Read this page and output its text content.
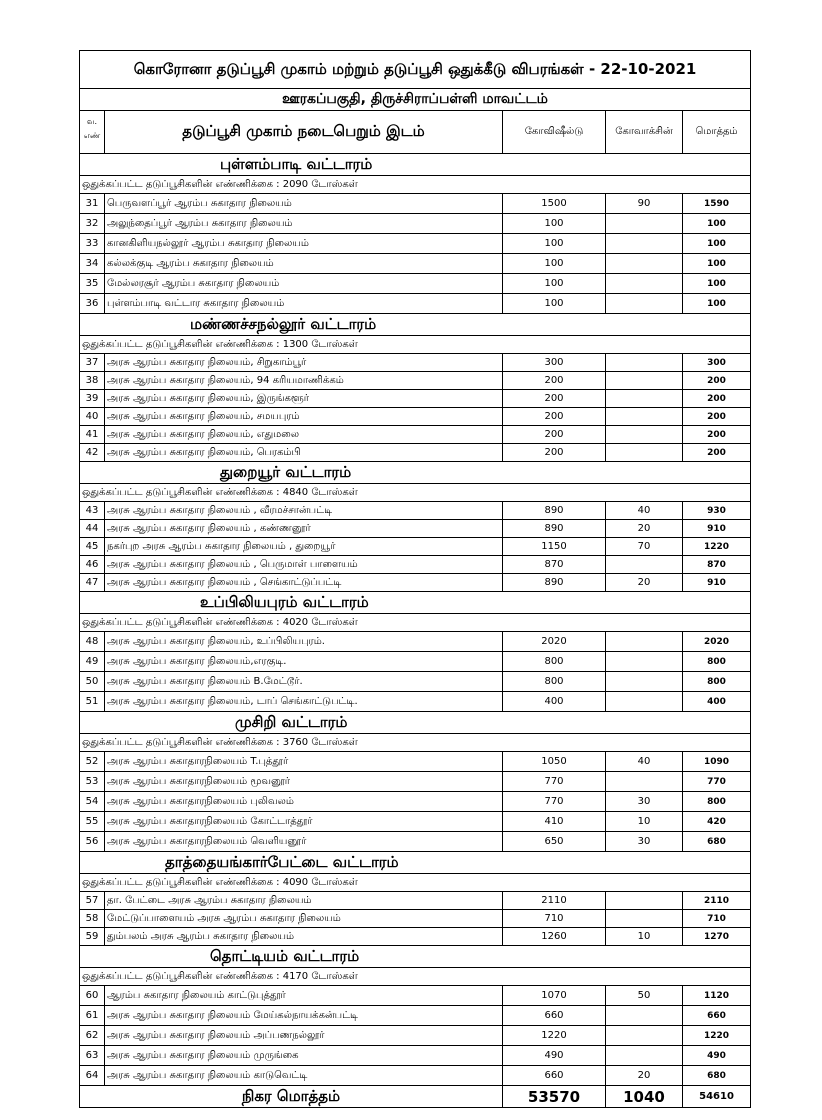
கொரோனா தடுப்பூசி முகாம் மற்றும் தடுப்பூசி ஒதுக்கீடு விபரங்கள் - 22-10-2021				
ஊரகப்பகுதி, திருச்சிராப்பள்ளி மாவட்டம்				
வ.
எண்	தடுப்பூசி முகாம் நடைபெறும் இடம்	கோவிஷீல்டு	கோவாக்சின்	மொத்தம்
புள்ளம்பாடி வட்டாரம்				
ஒதுக்கப்பட்ட தடுப்பூசிகளின் எண்ணிக்கை : 2090 டோஸ்கள்				
31	பெருவளப்பூர் ஆரம்ப சுகாதார நிலையம்	1500	90	1590
32	அலுந்தைப்பூர் ஆரம்ப சுகாதார நிலையம்	100		100
33	கானகிளியநல்லூர் ஆரம்ப சுகாதார நிலையம்	100		100
34	கல்லக்குடி ஆரம்ப சுகாதார நிலையம்	100		100
35	மேல்லரசூர் ஆரம்ப சுகாதார நிலையம்	100		100
36	புள்ளம்பாடி வட்டார சுகாதார நிலையம்	100		100
மண்ணச்சநல்லூர் வட்டாரம்				
ஒதுக்கப்பட்ட தடுப்பூசிகளின் எண்ணிக்கை : 1300 டோஸ்கள்				
37	அரசு ஆரம்ப சுகாதார நிலையம், சிறுகாம்பூர்	300		300
38	அரசு ஆரம்ப சுகாதார நிலையம், 94 கரியமாணிக்கம்	200		200
39	அரசு ஆரம்ப சுகாதார நிலையம், இருங்களூர்	200		200
40	அரசு ஆரம்ப சுகாதார நிலையம், சமயபுரம்	200		200
41	அரசு ஆரம்ப சுகாதார நிலையம், எதுமலை	200		200
42	அரசு ஆரம்ப சுகாதார நிலையம், பெரகம்பி	200		200
துறையூர் வட்டாரம்				
ஒதுக்கப்பட்ட தடுப்பூசிகளின் எண்ணிக்கை : 4840 டோஸ்கள்				
43	அரசு ஆரம்ப சுகாதார நிலையம் , வீரமச்சான்பட்டி	890	40	930
44	அரசு ஆரம்ப சுகாதார நிலையம் , கண்ணனூர்	890	20	910
45	நகர்புற அரசு ஆரம்ப சுகாதார நிலையம் , துறையூர்	1150	70	1220
46	அரசு ஆரம்ப சுகாதார நிலையம் , பெருமாள் பாளையம்	870		870
47	அரசு ஆரம்ப சுகாதார நிலையம் , செங்காட்டுப்பட்டி	890	20	910
உப்பிலியபுரம் வட்டாரம்				
ஒதுக்கப்பட்ட தடுப்பூசிகளின் எண்ணிக்கை : 4020 டோஸ்கள்				
48	அரசு ஆரம்ப சுகாதார நிலையம், உப்பிலியபுரம்.	2020		2020
49	அரசு ஆரம்ப சுகாதார நிலையம்,எரகுடி.	800		800
50	அரசு ஆரம்ப சுகாதார நிலையம் B.மேட்டூர்.	800		800
51	அரசு ஆரம்ப சுகாதார நிலையம், டாப் செங்காட்டுபட்டி.	400		400
முசிறி வட்டாரம்				
ஒதுக்கப்பட்ட தடுப்பூசிகளின் எண்ணிக்கை : 3760 டோஸ்கள்				
52	அரசு ஆரம்ப சுகாதாரநிலையம் T.புத்தூர்	1050	40	1090
53	அரசு ஆரம்ப சுகாதாரநிலையம் மூவனூர்	770		770
54	அரசு ஆரம்ப சுகாதாரநிலையம் புலிவலம்	770	30	800
55	அரசு ஆரம்ப சுகாதாரநிலையம் கோட்டாத்தூர்	410	10	420
56	அரசு ஆரம்ப சுகாதாரநிலையம் வெளியனூர்	650	30	680
தாத்தையங்கார்பேட்டை வட்டாரம்				
ஒதுக்கப்பட்ட தடுப்பூசிகளின் எண்ணிக்கை : 4090 டோஸ்கள்				
57	தா. பேட்டை அரசு ஆரம்ப சுகாதார நிலையம்	2110		2110
58	மேட்டுப்பாளையம் அரசு ஆரம்ப சுகாதார நிலையம்	710		710
59	தும்பலம் அரசு ஆரம்ப சுகாதார நிலையம்	1260	10	1270
தொட்டியம் வட்டாரம்				
ஒதுக்கப்பட்ட தடுப்பூசிகளின் எண்ணிக்கை : 4170 டோஸ்கள்				
60	ஆரம்ப சுகாதார நிலையம் காட்டுபுத்தூர்	1070	50	1120
61	அரசு ஆரம்ப சுகாதார நிலையம் மேய்கல்நாயக்கன்பட்டி	660		660
62	அரசு ஆரம்ப சுகாதார நிலையம் அப்பணநல்லூர்	1220		1220
63	அரசு ஆரம்ப சுகாதார நிலையம் முருங்கை	490		490
64	அரசு ஆரம்ப சுகாதார நிலையம் காடுவெட்டி	660	20	680
நிகர மொத்தம்		53570	1040	54610
